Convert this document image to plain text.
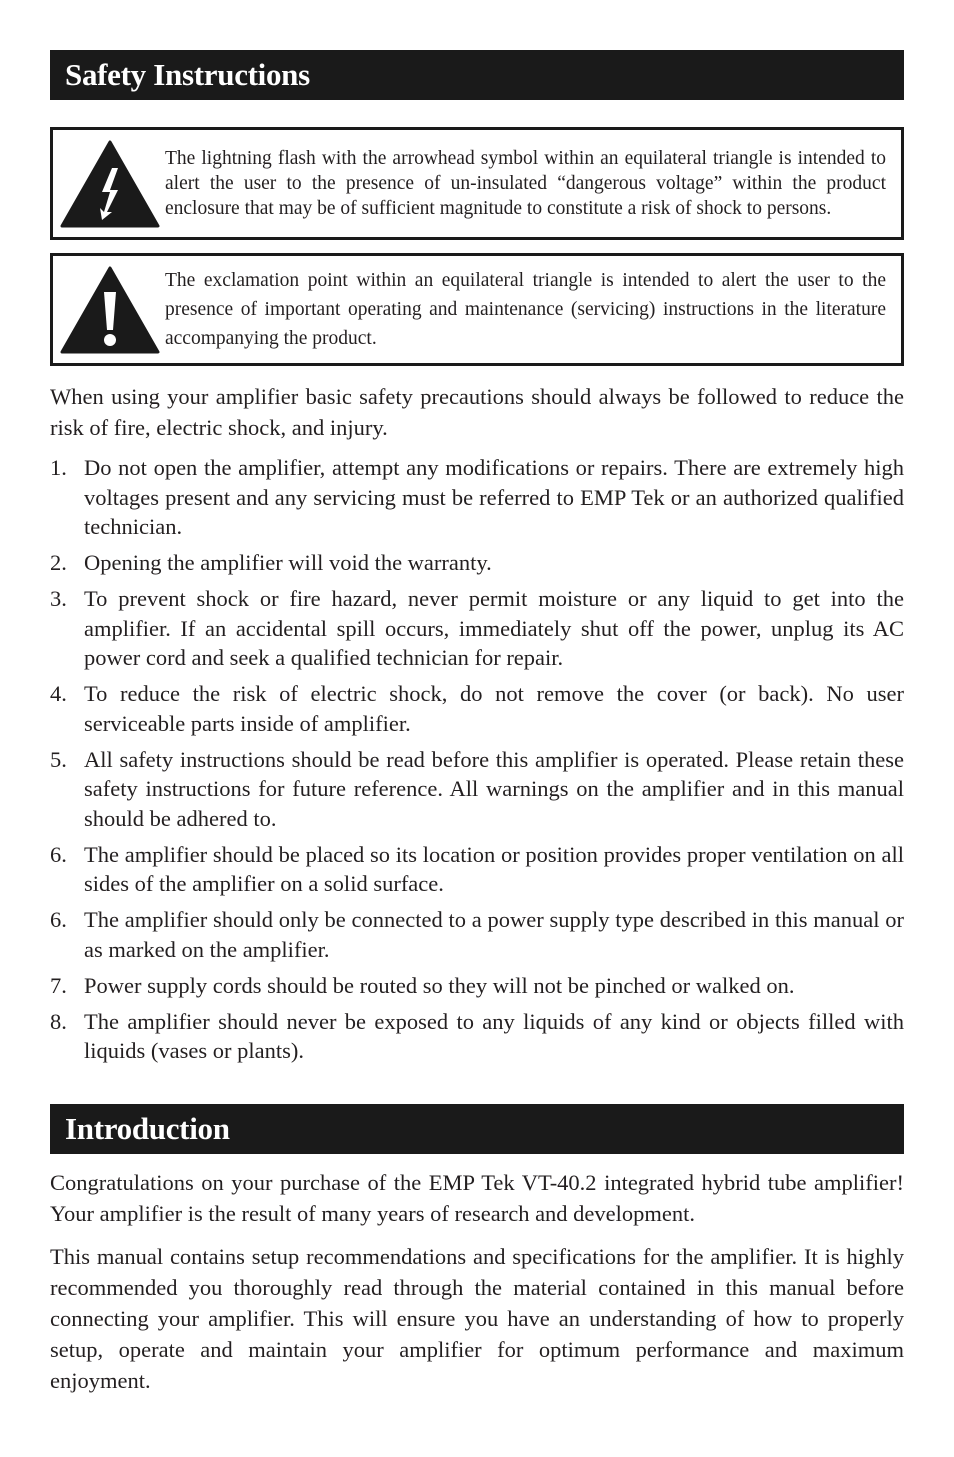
Safety Instructions
The lightning flash with the arrowhead symbol within an equilateral triangle is intended to alert the user to the presence of un-insulated “dangerous voltage” within the product enclosure that may be of sufficient magnitude to constitute a risk of shock to persons.
The exclamation point within an equilateral triangle is intended to alert the user to the presence of important operating and maintenance (servicing) instructions in the literature accompanying the product.

When using your amplifier basic safety precautions should always be followed to reduce the risk of fire, electric shock, and injury.

1. Do not open the amplifier, attempt any modifications or repairs. There are extremely high voltages present and any servicing must be referred to EMP Tek or an authorized qualified technician.
2. Opening the amplifier will void the warranty.
3. To prevent shock or fire hazard, never permit moisture or any liquid to get into the amplifier. If an accidental spill occurs, immediately shut off the power, unplug its AC power cord and seek a qualified technician for repair.
4. To reduce the risk of electric shock, do not remove the cover (or back). No user serviceable parts inside of amplifier.
5. All safety instructions should be read before this amplifier is operated. Please retain these safety instructions for future reference. All warnings on the amplifier and in this manual should be adhered to.
6. The amplifier should be placed so its location or position provides proper ventilation on all sides of the amplifier on a solid surface.
6. The amplifier should only be connected to a power supply type described in this manual or as marked on the amplifier.
7. Power supply cords should be routed so they will not be pinched or walked on.
8. The amplifier should never be exposed to any liquids of any kind or objects filled with liquids (vases or plants).
Introduction

Congratulations on your purchase of the EMP Tek VT-40.2 integrated hybrid tube amplifier! Your amplifier is the result of many years of research and development.

This manual contains setup recommendations and specifications for the amplifier. It is highly recommended you thoroughly read through the material contained in this manual before connecting your amplifier. This will ensure you have an understanding of how to properly setup, operate and maintain your amplifier for optimum performance and maximum enjoyment.
